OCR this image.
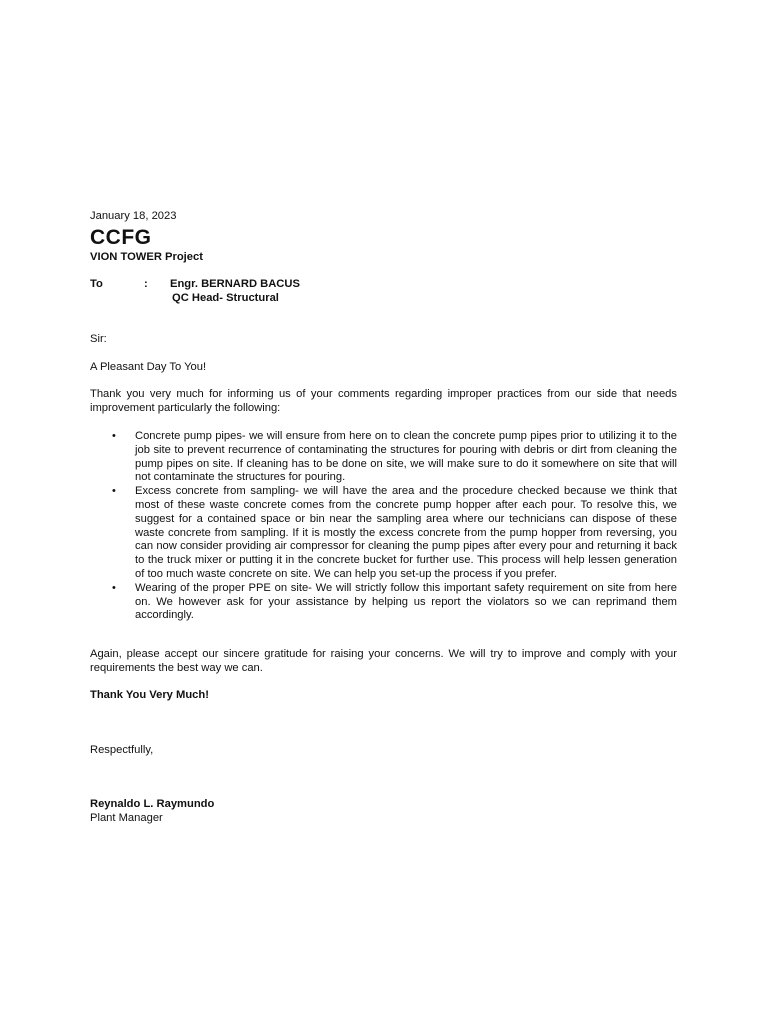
January 18, 2023
CCFG
VION TOWER Project
To	: Engr. BERNARD BACUS
QC Head- Structural
Sir:
A Pleasant Day To You!
Thank you very much for informing us of your comments regarding improper practices from our side that needs improvement particularly the following:
• Concrete pump pipes- we will ensure from here on to clean the concrete pump pipes prior to utilizing it to the job site to prevent recurrence of contaminating the structures for pouring with debris or dirt from cleaning the pump pipes on site. If cleaning has to be done on site, we will make sure to do it somewhere on site that will not contaminate the structures for pouring.
• Excess concrete from sampling- we will have the area and the procedure checked because we think that most of these waste concrete comes from the concrete pump hopper after each pour. To resolve this, we suggest for a contained space or bin near the sampling area where our technicians can dispose of these waste concrete from sampling. If it is mostly the excess concrete from the pump hopper from reversing, you can now consider providing air compressor for cleaning the pump pipes after every pour and returning it back to the truck mixer or putting it in the concrete bucket for further use. This process will help lessen generation of too much waste concrete on site. We can help you set-up the process if you prefer.
• Wearing of the proper PPE on site- We will strictly follow this important safety requirement on site from here on. We however ask for your assistance by helping us report the violators so we can reprimand them accordingly.
Again, please accept our sincere gratitude for raising your concerns. We will try to improve and comply with your requirements the best way we can.
Thank You Very Much!
Respectfully,
Reynaldo L. Raymundo
Plant Manager
